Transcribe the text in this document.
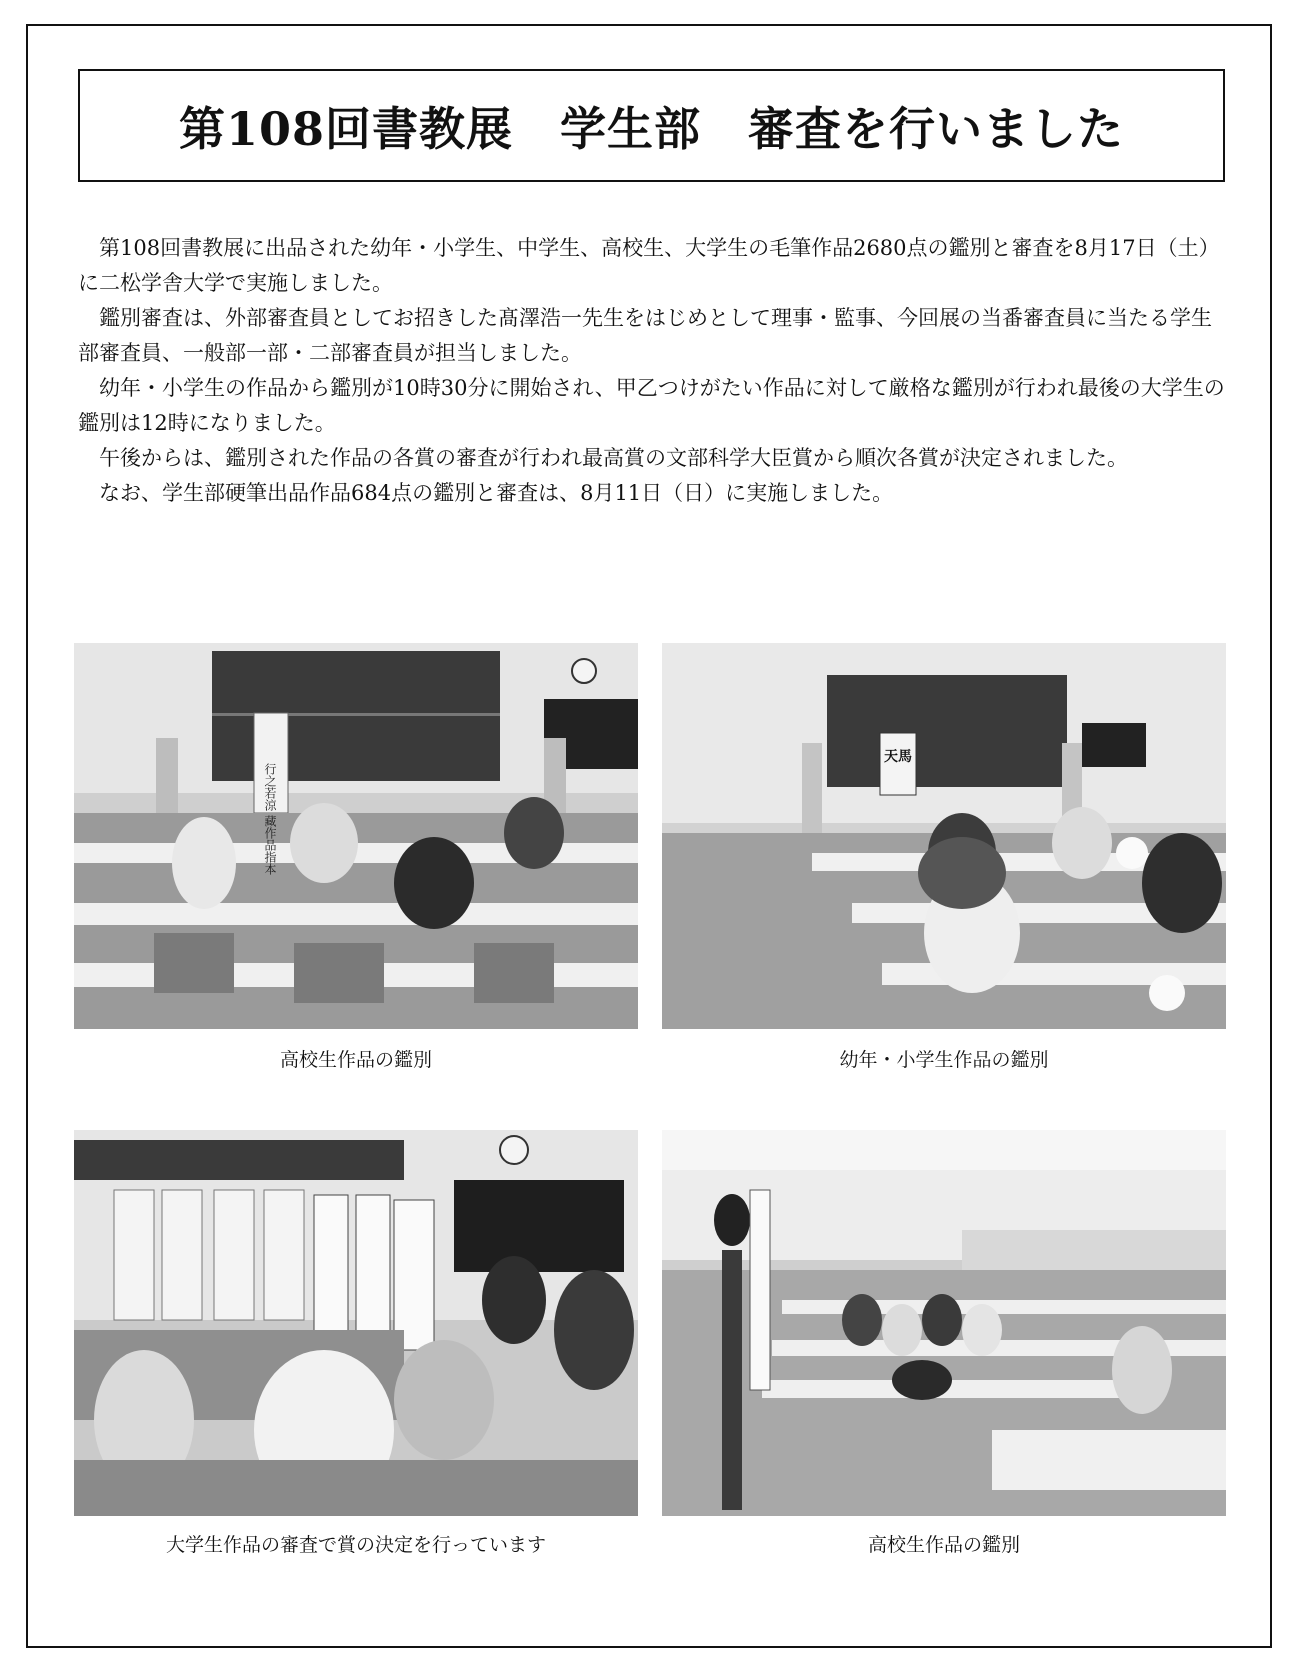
第108回書教展　学生部　審査を行いました

第108回書教展に出品された幼年・小学生、中学生、高校生、大学生の毛筆作品2680点の鑑別と審査を8月17日（土）に二松学舎大学で実施しました。

鑑別審査は、外部審査員としてお招きした髙澤浩一先生をはじめとして理事・監事、今回展の当番審査員に当たる学生部審査員、一般部一部・二部審査員が担当しました。

幼年・小学生の作品から鑑別が10時30分に開始され、甲乙つけがたい作品に対して厳格な鑑別が行われ最後の大学生の鑑別は12時になりました。

午後からは、鑑別された作品の各賞の審査が行われ最高賞の文部科学大臣賞から順次各賞が決定されました。

なお、学生部硬筆出品作品684点の鑑別と審査は、8月11日（日）に実施しました。

行之若涼 藏作品指本
高校生作品の鑑別
天馬
幼年・小学生作品の鑑別
大学生作品の審査で賞の決定を行っています	高校生作品の鑑別
